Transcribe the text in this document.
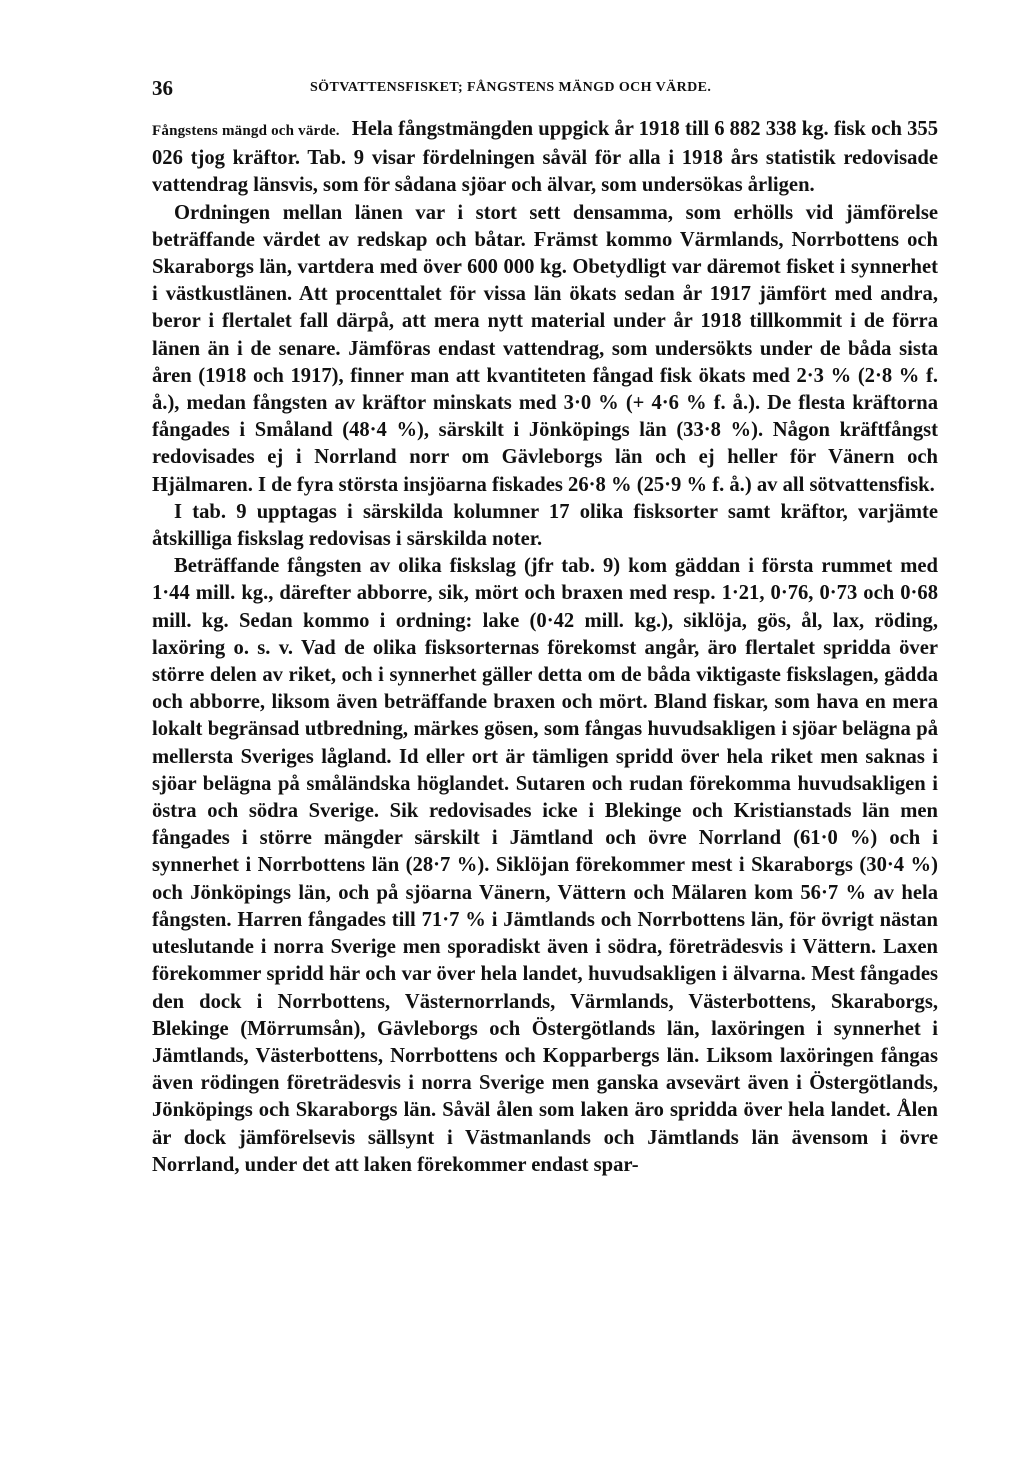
36	SÖTVATTENSFISKET; FÅNGSTENS MÄNGD OCH VÄRDE.

Fångstens mängd och värde. Hela fångstmängden uppgick år 1918 till 6 882 338 kg. fisk och 355 026 tjog kräftor. Tab. 9 visar fördelningen såväl för alla i 1918 års statistik redovisade vattendrag länsvis, som för sådana sjöar och älvar, som undersökas årligen.

Ordningen mellan länen var i stort sett densamma, som erhölls vid jämförelse beträffande värdet av redskap och båtar. Främst kommo Värmlands, Norrbottens och Skaraborgs län, vartdera med över 600 000 kg. Obetydligt var däremot fisket i synnerhet i västkustlänen. Att procenttalet för vissa län ökats sedan år 1917 jämfört med andra, beror i flertalet fall därpå, att mera nytt material under år 1918 tillkommit i de förra länen än i de senare. Jämföras endast vattendrag, som undersökts under de båda sista åren (1918 och 1917), finner man att kvantiteten fångad fisk ökats med 2·3 % (2·8 % f. å.), medan fångsten av kräftor minskats med 3·0 % (+ 4·6 % f. å.). De flesta kräftorna fångades i Småland (48·4 %), särskilt i Jönköpings län (33·8 %). Någon kräftfångst redovisades ej i Norrland norr om Gävleborgs län och ej heller för Vänern och Hjälmaren. I de fyra största insjöarna fiskades 26·8 % (25·9 % f. å.) av all sötvattensfisk.

I tab. 9 upptagas i särskilda kolumner 17 olika fisksorter samt kräftor, varjämte åtskilliga fiskslag redovisas i särskilda noter.

Beträffande fångsten av olika fiskslag (jfr tab. 9) kom gäddan i första rummet med 1·44 mill. kg., därefter abborre, sik, mört och braxen med resp. 1·21, 0·76, 0·73 och 0·68 mill. kg. Sedan kommo i ordning: lake (0·42 mill. kg.), siklöja, gös, ål, lax, röding, laxöring o. s. v. Vad de olika fisksorternas förekomst angår, äro flertalet spridda över större delen av riket, och i synnerhet gäller detta om de båda viktigaste fiskslagen, gädda och abborre, liksom även beträffande braxen och mört. Bland fiskar, som hava en mera lokalt begränsad utbredning, märkes gösen, som fångas huvudsakligen i sjöar belägna på mellersta Sveriges lågland. Id eller ort är tämligen spridd över hela riket men saknas i sjöar belägna på småländska höglandet. Sutaren och rudan förekomma huvudsakligen i östra och södra Sverige. Sik redovisades icke i Blekinge och Kristianstads län men fångades i större mängder särskilt i Jämtland och övre Norrland (61·0 %) och i synnerhet i Norrbottens län (28·7 %). Siklöjan förekommer mest i Skaraborgs (30·4 %) och Jönköpings län, och på sjöarna Vänern, Vättern och Mälaren kom 56·7 % av hela fångsten. Harren fångades till 71·7 % i Jämtlands och Norrbottens län, för övrigt nästan uteslutande i norra Sverige men sporadiskt även i södra, företrädesvis i Vättern. Laxen förekommer spridd här och var över hela landet, huvudsakligen i älvarna. Mest fångades den dock i Norrbottens, Västernorrlands, Värmlands, Västerbottens, Skaraborgs, Blekinge (Mörrumsån), Gävleborgs och Östergötlands län, laxöringen i synnerhet i Jämtlands, Västerbottens, Norrbottens och Kopparbergs län. Liksom laxöringen fångas även rödingen företrädesvis i norra Sverige men ganska avsevärt även i Östergötlands, Jönköpings och Skaraborgs län. Såväl ålen som laken äro spridda över hela landet. Ålen är dock jämförelsevis sällsynt i Västmanlands och Jämtlands län ävensom i övre Norrland, under det att laken förekommer endast spar-
